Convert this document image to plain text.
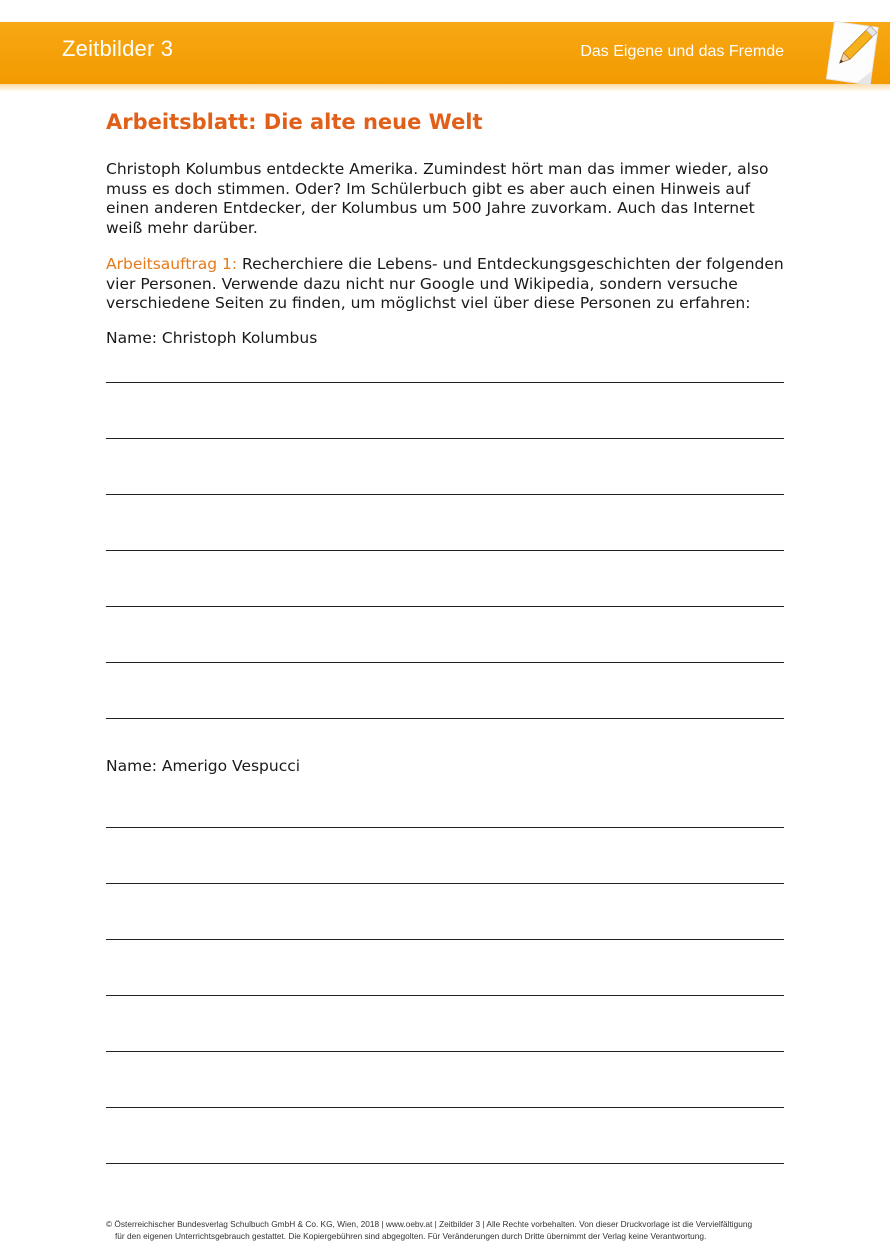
Zeitbilder 3	Das Eigene und das Fremde
Arbeitsblatt: Die alte neue Welt

Christoph Kolumbus entdeckte Amerika. Zumindest hört man das immer wieder, also muss es doch stimmen. Oder? Im Schülerbuch gibt es aber auch einen Hinweis auf einen anderen Entdecker, der Kolumbus um 500 Jahre zuvorkam. Auch das Internet weiß mehr darüber.

Arbeitsauftrag 1: Recherchiere die Lebens- und Entdeckungsgeschichten der folgenden vier Personen. Verwende dazu nicht nur Google und Wikipedia, sondern versuche verschiedene Seiten zu finden, um möglichst viel über diese Personen zu erfahren:

Name: Christoph Kolumbus

Name: Amerigo Vespucci

© Österreichischer Bundesverlag Schulbuch GmbH & Co. KG, Wien, 2018 | www.oebv.at | Zeitbilder 3 | Alle Rechte vorbehalten. Von dieser Druckvorlage ist die Vervielfältigung
für den eigenen Unterrichtsgebrauch gestattet. Die Kopiergebühren sind abgegolten. Für Veränderungen durch Dritte übernimmt der Verlag keine Verantwortung.
